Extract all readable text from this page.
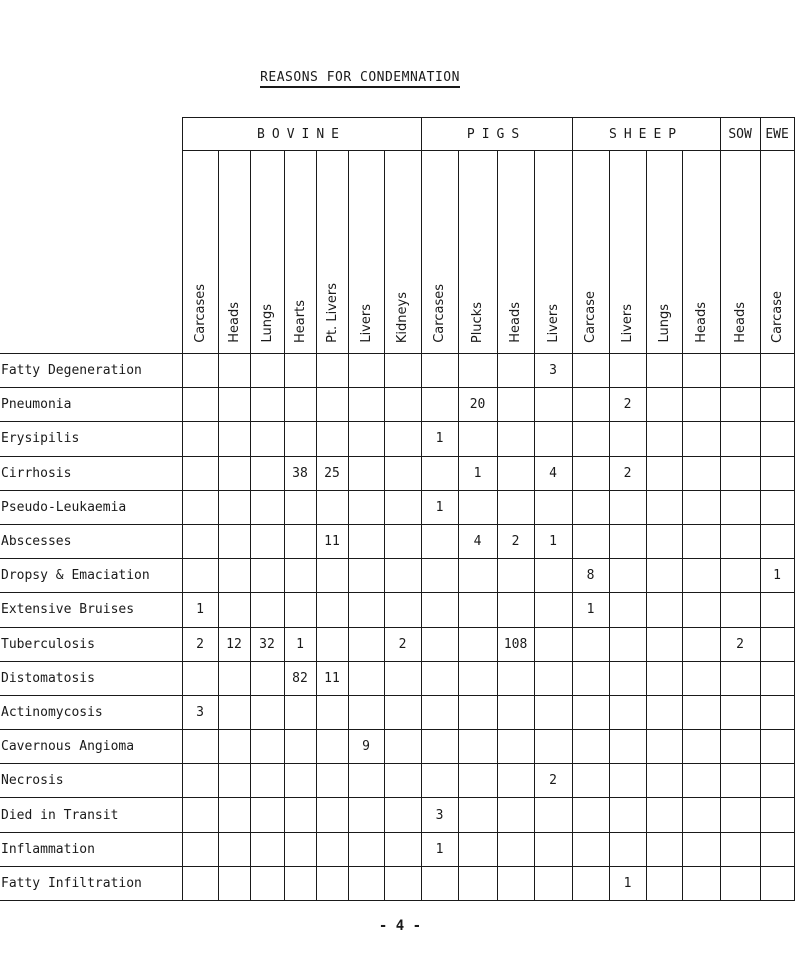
REASONS FOR CONDEMNATION
	BOVINE							PIGS				SHEEP				SOW	EWE
	Carcases	Heads	Lungs	Hearts	Pt. Livers	Livers	Kidneys	Carcases	Plucks	Heads	Livers	Carcase	Livers	Lungs	Heads	Heads	Carcase
Fatty Degeneration											3						
Pneumonia									20				2				
Erysipilis								1									
Cirrhosis				38	25				1		4		2				
Pseudo-Leukaemia								1									
Abscesses					11				4	2	1						
Dropsy & Emaciation												8					1
Extensive Bruises	1											1					
Tuberculosis	2	12	32	1			2			108						2	
Distomatosis				82	11												
Actinomycosis	3																
Cavernous Angioma						9											
Necrosis											2						
Died in Transit								3									
Inflammation								1									
Fatty Infiltration													1				
- 4 -
